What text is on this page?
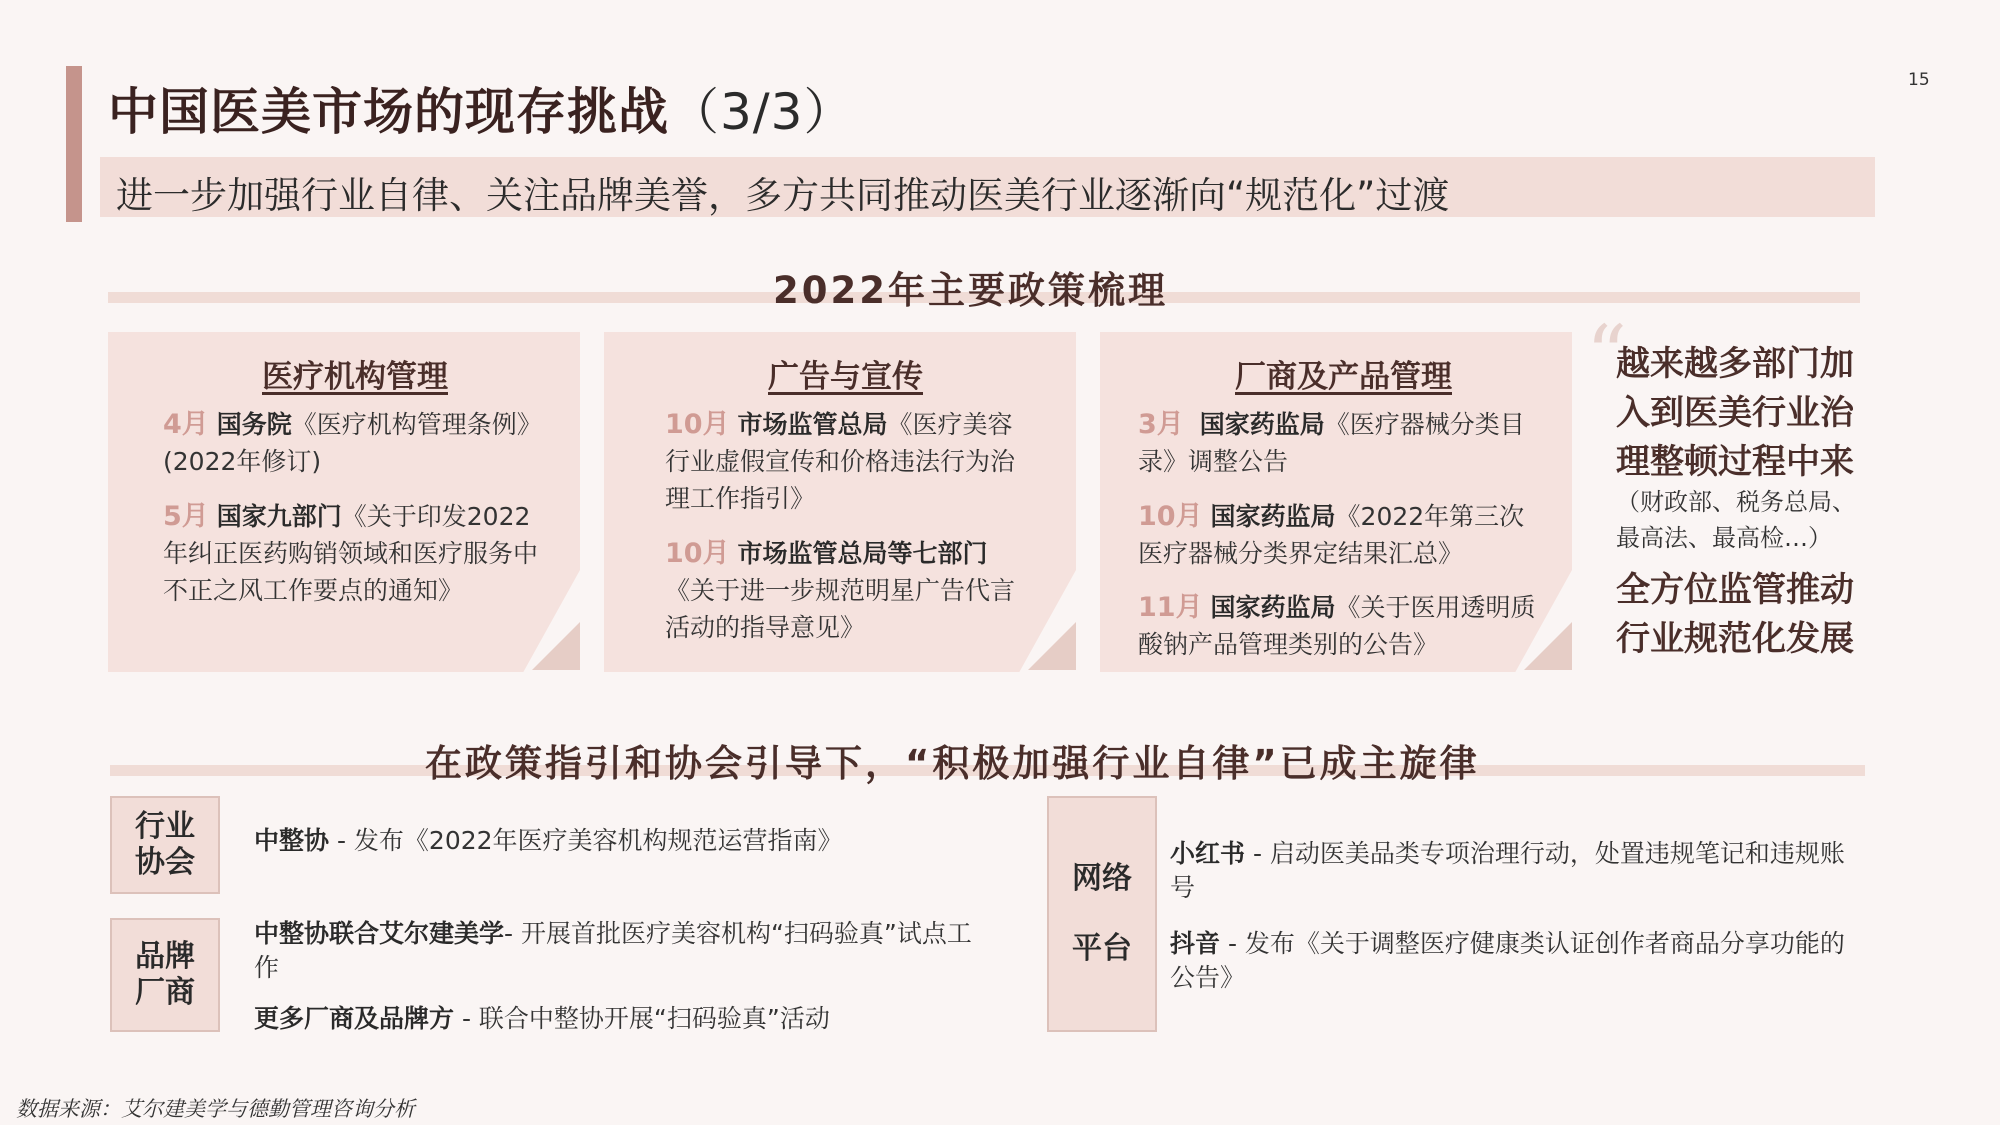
中国医美市场的现存挑战（3/3）
15
进一步加强行业自律、关注品牌美誉，多方共同推动医美行业逐渐向“规范化”过渡
2022年主要政策梳理
医疗机构管理
4月 国务院《医疗机构管理条例》(2022年修订)
5月 国家九部门《关于印发2022年纠正医药购销领域和医疗服务中不正之风工作要点的通知》
广告与宣传
10月 市场监管总局《医疗美容行业虚假宣传和价格违法行为治理工作指引》
10月 市场监管总局等七部门
《关于进一步规范明星广告代言活动的指导意见》
厂商及产品管理
3月 国家药监局《医疗器械分类目录》调整公告
10月 国家药监局《2022年第三次医疗器械分类界定结果汇总》
11月 国家药监局《关于医用透明质酸钠产品管理类别的公告》
“
越来越多部门加入到医美行业治理整顿过程中来
（财政部、税务总局、最高法、最高检…）
全方位监管推动行业规范化发展
在政策指引和协会引导下，“积极加强行业自律”已成主旋律
行业协会
中整协 - 发布《2022年医疗美容机构规范运营指南》
品牌厂商
中整协联合艾尔建美学- 开展首批医疗美容机构“扫码验真”试点工作
更多厂商及品牌方 - 联合中整协开展“扫码验真”活动
网络
平台
小红书 - 启动医美品类专项治理行动，处置违规笔记和违规账号
抖音 - 发布《关于调整医疗健康类认证创作者商品分享功能的公告》
数据来源：艾尔建美学与德勤管理咨询分析
